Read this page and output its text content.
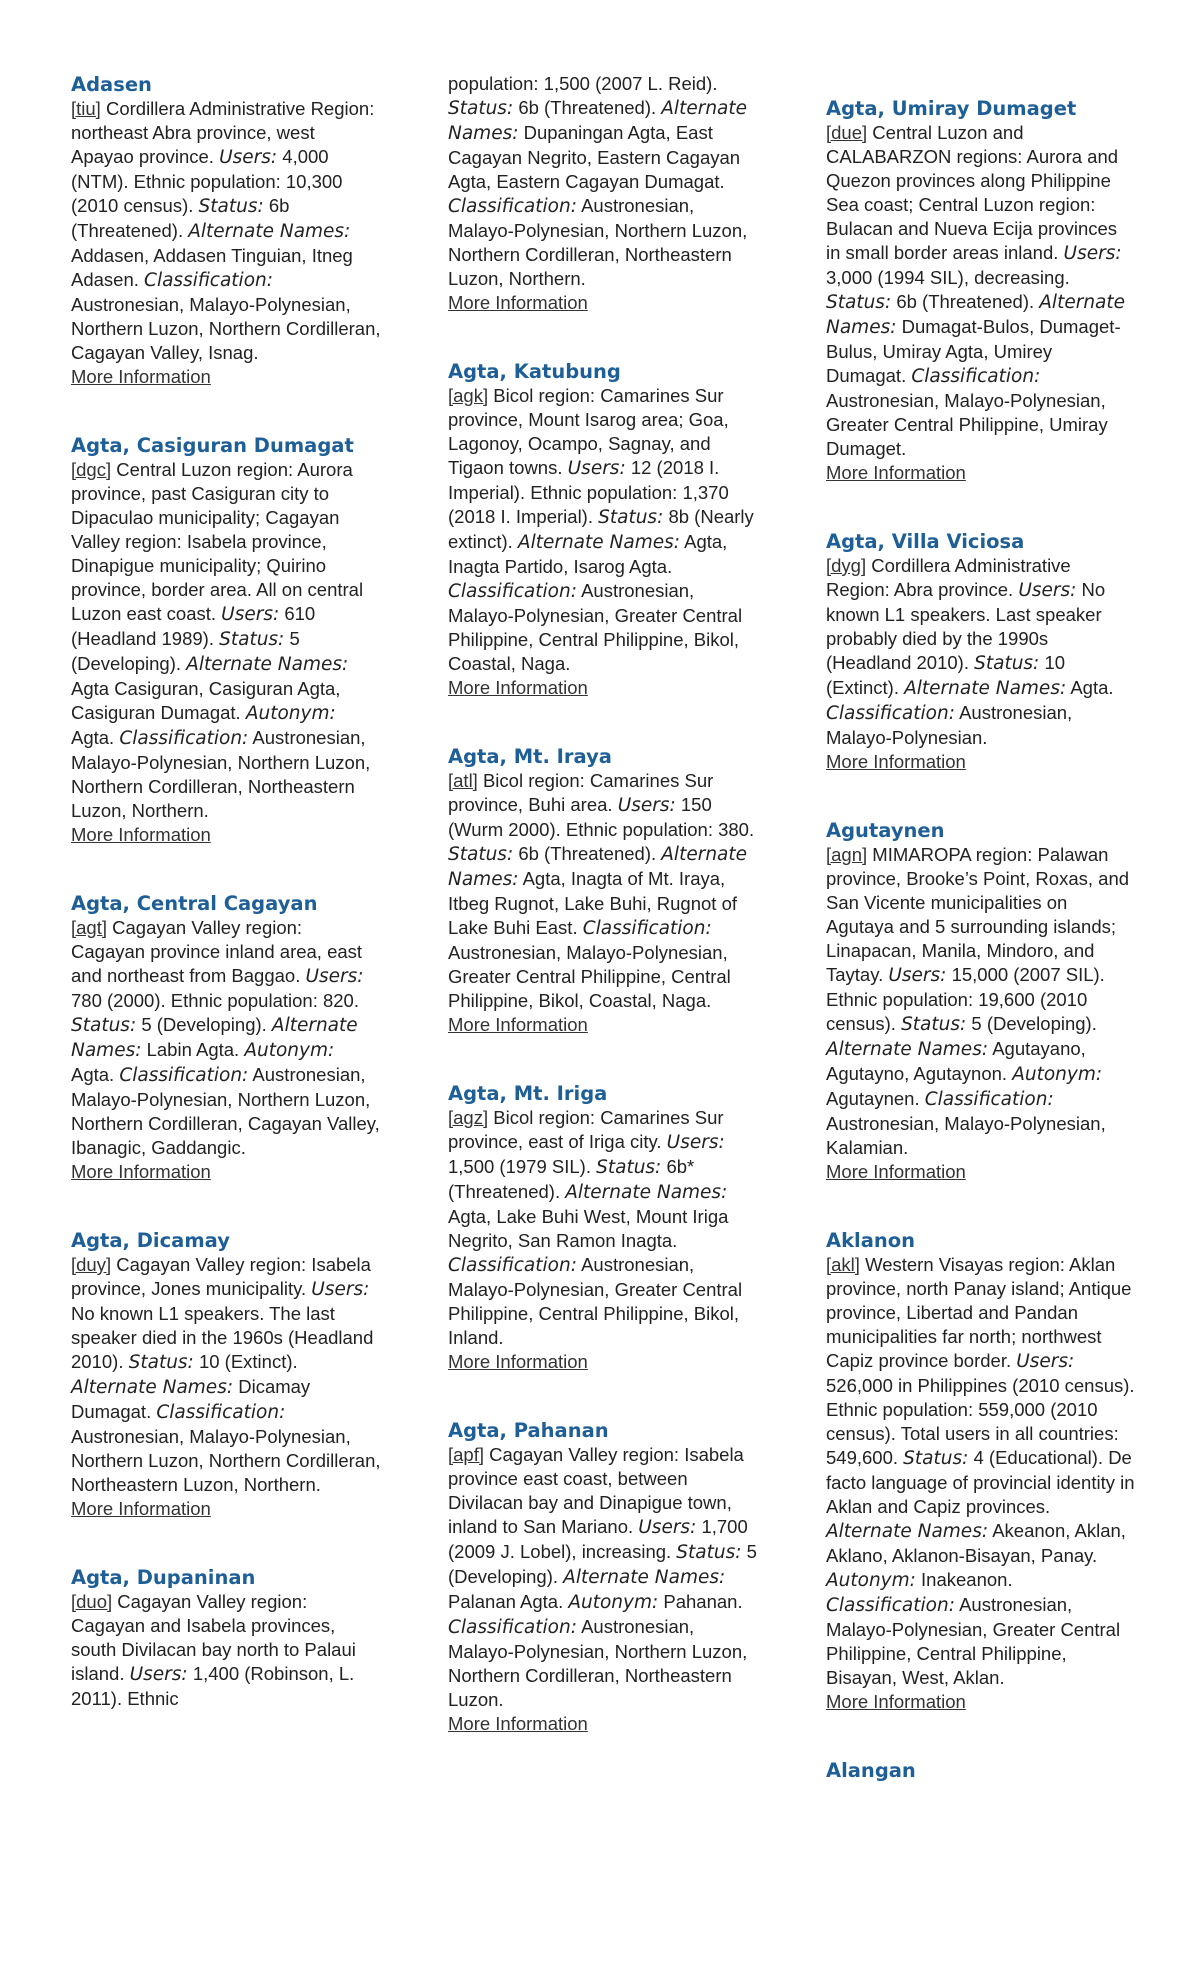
Adasen

[tiu] Cordillera Administrative Region: northeast Abra province, west Apayao province. Users: 4,000 (NTM). Ethnic population: 10,300 (2010 census). Status: 6b (Threatened). Alternate Names: Addasen, Addasen Tinguian, Itneg Adasen. Classification: Austronesian, Malayo-Polynesian, Northern Luzon, Northern Cordilleran, Cagayan Valley, Isnag.

More Information
Agta, Casiguran Dumagat

[dgc] Central Luzon region: Aurora province, past Casiguran city to Dipaculao municipality; Cagayan Valley region: Isabela province, Dinapigue municipality; Quirino province, border area. All on central Luzon east coast. Users: 610 (Headland 1989). Status: 5 (Developing). Alternate Names: Agta Casiguran, Casiguran Agta, Casiguran Dumagat. Autonym: Agta. Classification: Austronesian, Malayo-Polynesian, Northern Luzon, Northern Cordilleran, Northeastern Luzon, Northern.

More Information
Agta, Central Cagayan

[agt] Cagayan Valley region: Cagayan province inland area, east and northeast from Baggao. Users: 780 (2000). Ethnic population: 820. Status: 5 (Developing). Alternate Names: Labin Agta. Autonym: Agta. Classification: Austronesian, Malayo-Polynesian, Northern Luzon, Northern Cordilleran, Cagayan Valley, Ibanagic, Gaddangic.

More Information
Agta, Dicamay

[duy] Cagayan Valley region: Isabela province, Jones municipality. Users: No known L1 speakers. The last speaker died in the 1960s (Headland 2010). Status: 10 (Extinct). Alternate Names: Dicamay Dumagat. Classification: Austronesian, Malayo-Polynesian, Northern Luzon, Northern Cordilleran, Northeastern Luzon, Northern.

More Information
Agta, Dupaninan

[duo] Cagayan Valley region: Cagayan and Isabela provinces, south Divilacan bay north to Palaui island. Users: 1,400 (Robinson, L. 2011). Ethnic

population: 1,500 (2007 L. Reid). Status: 6b (Threatened). Alternate Names: Dupaningan Agta, East Cagayan Negrito, Eastern Cagayan Agta, Eastern Cagayan Dumagat. Classification: Austronesian, Malayo-Polynesian, Northern Luzon, Northern Cordilleran, Northeastern Luzon, Northern.

More Information
Agta, Katubung

[agk] Bicol region: Camarines Sur province, Mount Isarog area; Goa, Lagonoy, Ocampo, Sagnay, and Tigaon towns. Users: 12 (2018 I. Imperial). Ethnic population: 1,370 (2018 I. Imperial). Status: 8b (Nearly extinct). Alternate Names: Agta, Inagta Partido, Isarog Agta. Classification: Austronesian, Malayo-Polynesian, Greater Central Philippine, Central Philippine, Bikol, Coastal, Naga.

More Information
Agta, Mt. Iraya

[atl] Bicol region: Camarines Sur province, Buhi area. Users: 150 (Wurm 2000). Ethnic population: 380. Status: 6b (Threatened). Alternate Names: Agta, Inagta of Mt. Iraya, Itbeg Rugnot, Lake Buhi, Rugnot of Lake Buhi East. Classification: Austronesian, Malayo-Polynesian, Greater Central Philippine, Central Philippine, Bikol, Coastal, Naga.

More Information
Agta, Mt. Iriga

[agz] Bicol region: Camarines Sur province, east of Iriga city. Users: 1,500 (1979 SIL). Status: 6b* (Threatened). Alternate Names: Agta, Lake Buhi West, Mount Iriga Negrito, San Ramon Inagta. Classification: Austronesian, Malayo-Polynesian, Greater Central Philippine, Central Philippine, Bikol, Inland.

More Information
Agta, Pahanan

[apf] Cagayan Valley region: Isabela province east coast, between Divilacan bay and Dinapigue town, inland to San Mariano. Users: 1,700 (2009 J. Lobel), increasing. Status: 5 (Developing). Alternate Names: Palanan Agta. Autonym: Pahanan. Classification: Austronesian, Malayo-Polynesian, Northern Luzon, Northern Cordilleran, Northeastern Luzon.

More Information
Agta, Umiray Dumaget

[due] Central Luzon and CALABARZON regions: Aurora and Quezon provinces along Philippine Sea coast; Central Luzon region: Bulacan and Nueva Ecija provinces in small border areas inland. Users: 3,000 (1994 SIL), decreasing. Status: 6b (Threatened). Alternate Names: Dumagat-Bulos, Dumaget-Bulus, Umiray Agta, Umirey Dumagat. Classification: Austronesian, Malayo-Polynesian, Greater Central Philippine, Umiray Dumaget.

More Information
Agta, Villa Viciosa

[dyg] Cordillera Administrative Region: Abra province. Users: No known L1 speakers. Last speaker probably died by the 1990s (Headland 2010). Status: 10 (Extinct). Alternate Names: Agta. Classification: Austronesian, Malayo-Polynesian.

More Information
Agutaynen

[agn] MIMAROPA region: Palawan province, Brooke’s Point, Roxas, and San Vicente municipalities on Agutaya and 5 surrounding islands; Linapacan, Manila, Mindoro, and Taytay. Users: 15,000 (2007 SIL). Ethnic population: 19,600 (2010 census). Status: 5 (Developing). Alternate Names: Agutayano, Agutayno, Agutaynon. Autonym: Agutaynen. Classification: Austronesian, Malayo-Polynesian, Kalamian.

More Information
Aklanon

[akl] Western Visayas region: Aklan province, north Panay island; Antique province, Libertad and Pandan municipalities far north; northwest Capiz province border. Users: 526,000 in Philippines (2010 census). Ethnic population: 559,000 (2010 census). Total users in all countries: 549,600. Status: 4 (Educational). De facto language of provincial identity in Aklan and Capiz provinces. Alternate Names: Akeanon, Aklan, Aklano, Aklanon-Bisayan, Panay. Autonym: Inakeanon. Classification: Austronesian, Malayo-Polynesian, Greater Central Philippine, Central Philippine, Bisayan, West, Aklan.

More Information
Alangan
